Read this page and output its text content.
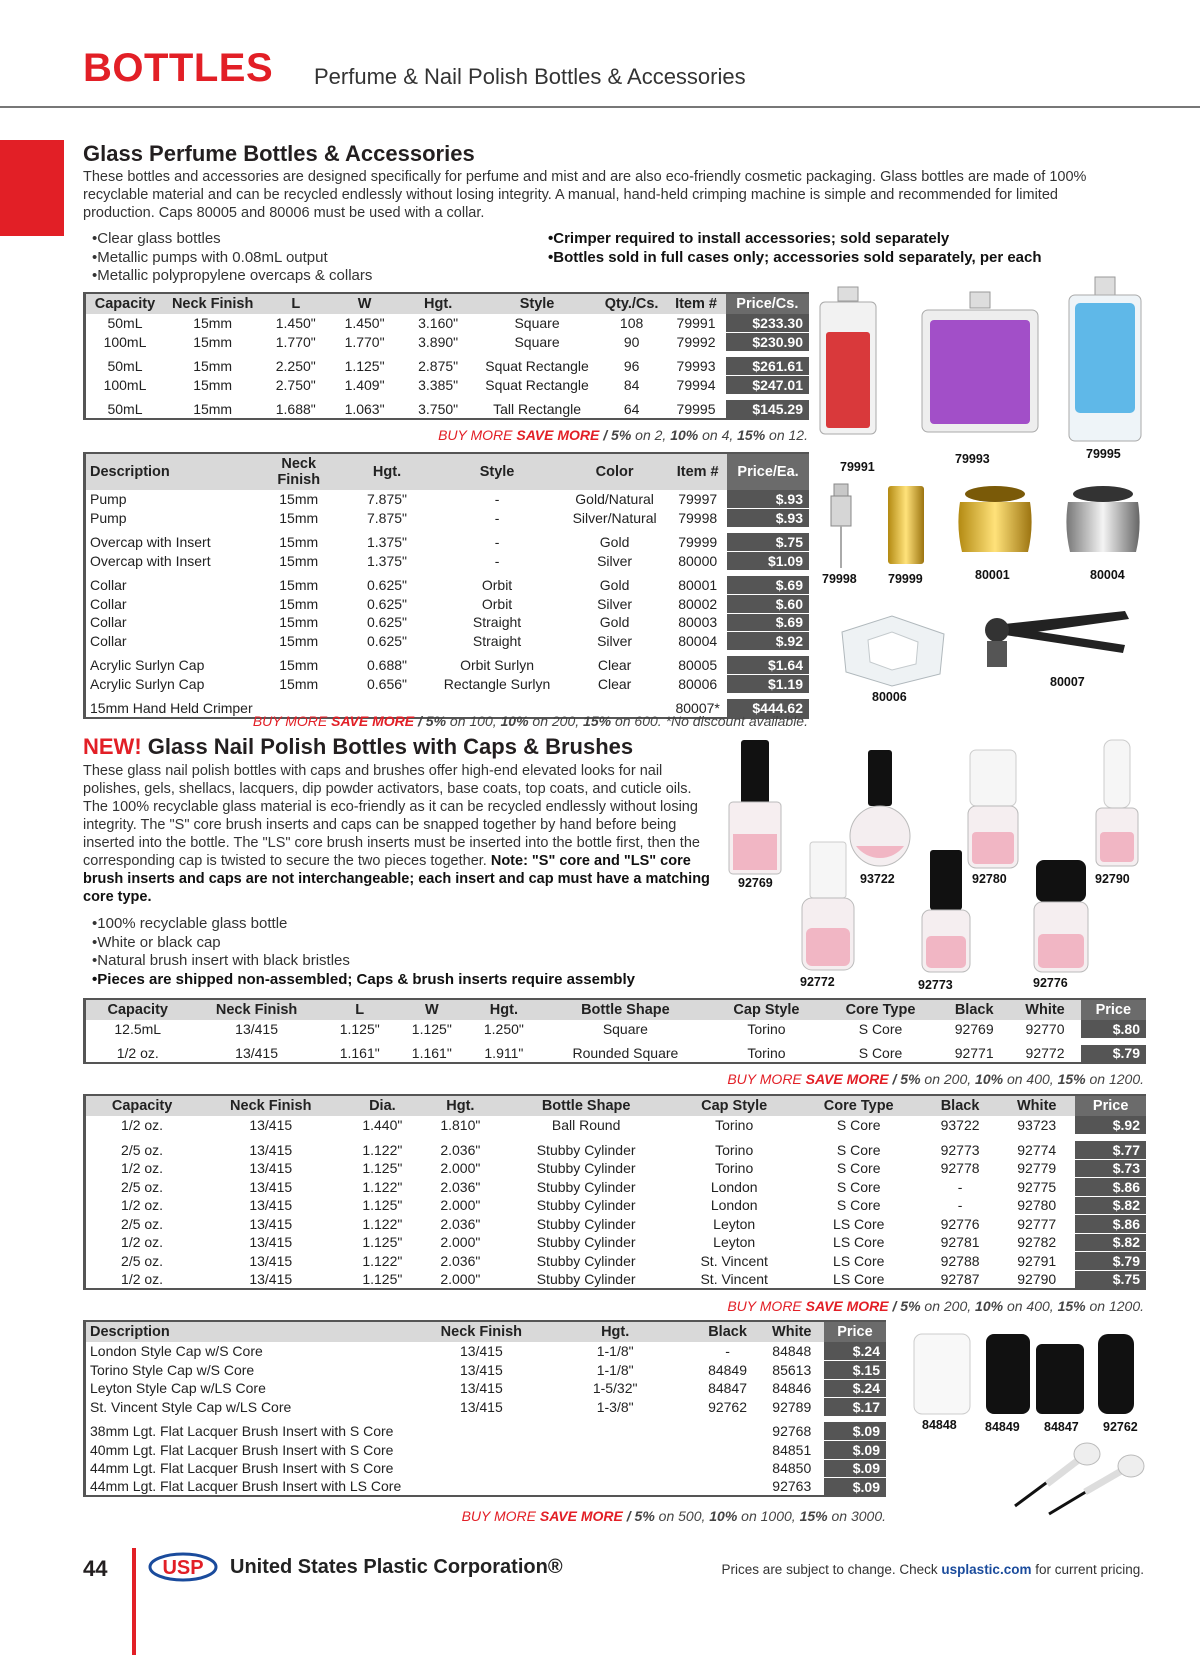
BOTTLES Perfume & Nail Polish Bottles & Accessories
Glass Perfume Bottles & Accessories

These bottles and accessories are designed specifically for perfume and mist and are also eco-friendly cosmetic packaging. Glass bottles are made of 100% recyclable material and can be recycled endlessly without losing integrity. A manual, hand-held crimping machine is simple and recommended for limited production. Caps 80005 and 80006 must be used with a collar.

• Clear glass bottles
• Metallic pumps with 0.08mL output
• Metallic polypropylene overcaps & collars
• Crimper required to install accessories; sold separately
• Bottles sold in full cases only; accessories sold separately, per each
Capacity	Neck Finish	L	W	Hgt.	Style	Qty./Cs.	Item #	Price/Cs.
50mL	15mm	1.450"	1.450"	3.160"	Square	108	79991	$233.30
100mL	15mm	1.770"	1.770"	3.890"	Square	90	79992	$230.90

50mL	15mm	2.250"	1.125"	2.875"	Squat Rectangle	96	79993	$261.61
100mL	15mm	2.750"	1.409"	3.385"	Squat Rectangle	84	79994	$247.01

50mL	15mm	1.688"	1.063"	3.750"	Tall Rectangle	64	79995	$145.29
BUY MORE SAVE MORE / 5% on 2, 10% on 4, 15% on 12.
Description	Neck Finish	Hgt.	Style	Color	Item #	Price/Ea.
Pump	15mm	7.875"	-	Gold/Natural	79997	$.93
Pump	15mm	7.875"	-	Silver/Natural	79998	$.93

Overcap with Insert	15mm	1.375"	-	Gold	79999	$.75
Overcap with Insert	15mm	1.375"	-	Silver	80000	$1.09

Collar	15mm	0.625"	Orbit	Gold	80001	$.69
Collar	15mm	0.625"	Orbit	Silver	80002	$.60
Collar	15mm	0.625"	Straight	Gold	80003	$.69
Collar	15mm	0.625"	Straight	Silver	80004	$.92

Acrylic Surlyn Cap	15mm	0.688"	Orbit Surlyn	Clear	80005	$1.64
Acrylic Surlyn Cap	15mm	0.656"	Rectangle Surlyn	Clear	80006	$1.19

15mm Hand Held Crimper					80007*	$444.62
BUY MORE SAVE MORE / 5% on 100, 10% on 200, 15% on 600. *No discount available.
79991
79993	79995
79998 79999	80001	80004
80006
80007
NEW! Glass Nail Polish Bottles with Caps & Brushes

These glass nail polish bottles with caps and brushes offer high-end elevated looks for nail polishes, gels, shellacs, lacquers, dip powder activators, base coats, top coats, and cuticle oils. The 100% recyclable glass material is eco-friendly as it can be recycled endlessly without losing integrity. The "S" core brush inserts and caps can be snapped together by hand before being inserted into the bottle. The "LS" core brush inserts must be inserted into the bottle first, then the corresponding cap is twisted to secure the two pieces together. Note: "S" core and "LS" core brush inserts and caps are not interchangeable; each insert and cap must have a matching core type.

• 100% recyclable glass bottle
• White or black cap
• Natural brush insert with black bristles
• Pieces are shipped non-assembled; Caps & brush inserts require assembly
92769	93722	92780	92790
92772	92773	92776
Capacity	Neck Finish	L	W	Hgt.	Bottle Shape	Cap Style	Core Type	Black	White	Price
12.5mL	13/415	1.125"	1.125"	1.250"	Square	Torino	S Core	92769	92770	$.80

1/2 oz.	13/415	1.161"	1.161"	1.911"	Rounded Square	Torino	S Core	92771	92772	$.79
BUY MORE SAVE MORE / 5% on 200, 10% on 400, 15% on 1200.
Capacity	Neck Finish	Dia.	Hgt.	Bottle Shape	Cap Style	Core Type	Black	White	Price
1/2 oz.	13/415	1.440"	1.810"	Ball Round	Torino	S Core	93722	93723	$.92

2/5 oz.	13/415	1.122"	2.036"	Stubby Cylinder	Torino	S Core	92773	92774	$.77
1/2 oz.	13/415	1.125"	2.000"	Stubby Cylinder	Torino	S Core	92778	92779	$.73
2/5 oz.	13/415	1.122"	2.036"	Stubby Cylinder	London	S Core	-	92775	$.86
1/2 oz.	13/415	1.125"	2.000"	Stubby Cylinder	London	S Core	-	92780	$.82
2/5 oz.	13/415	1.122"	2.036"	Stubby Cylinder	Leyton	LS Core	92776	92777	$.86
1/2 oz.	13/415	1.125"	2.000"	Stubby Cylinder	Leyton	LS Core	92781	92782	$.82
2/5 oz.	13/415	1.122"	2.036"	Stubby Cylinder	St. Vincent	LS Core	92788	92791	$.79
1/2 oz.	13/415	1.125"	2.000"	Stubby Cylinder	St. Vincent	LS Core	92787	92790	$.75
BUY MORE SAVE MORE / 5% on 200, 10% on 400, 15% on 1200.
Description	Neck Finish	Hgt.	Black	White	Price
London Style Cap w/S Core	13/415	1-1/8"	-	84848	$.24
Torino Style Cap w/S Core	13/415	1-1/8"	84849	85613	$.15
Leyton Style Cap w/LS Core	13/415	1-5/32"	84847	84846	$.24
St. Vincent Style Cap w/LS Core	13/415	1-3/8"	92762	92789	$.17

38mm Lgt. Flat Lacquer Brush Insert with S Core				92768	$.09
40mm Lgt. Flat Lacquer Brush Insert with S Core				84851	$.09
44mm Lgt. Flat Lacquer Brush Insert with S Core				84850	$.09
44mm Lgt. Flat Lacquer Brush Insert with LS Core				92763	$.09
BUY MORE SAVE MORE / 5% on 500, 10% on 1000, 15% on 3000.
84848 84849 84847 92762
44	USP United States Plastic Corporation®	Prices are subject to change. Check usplastic.com for current pricing.
